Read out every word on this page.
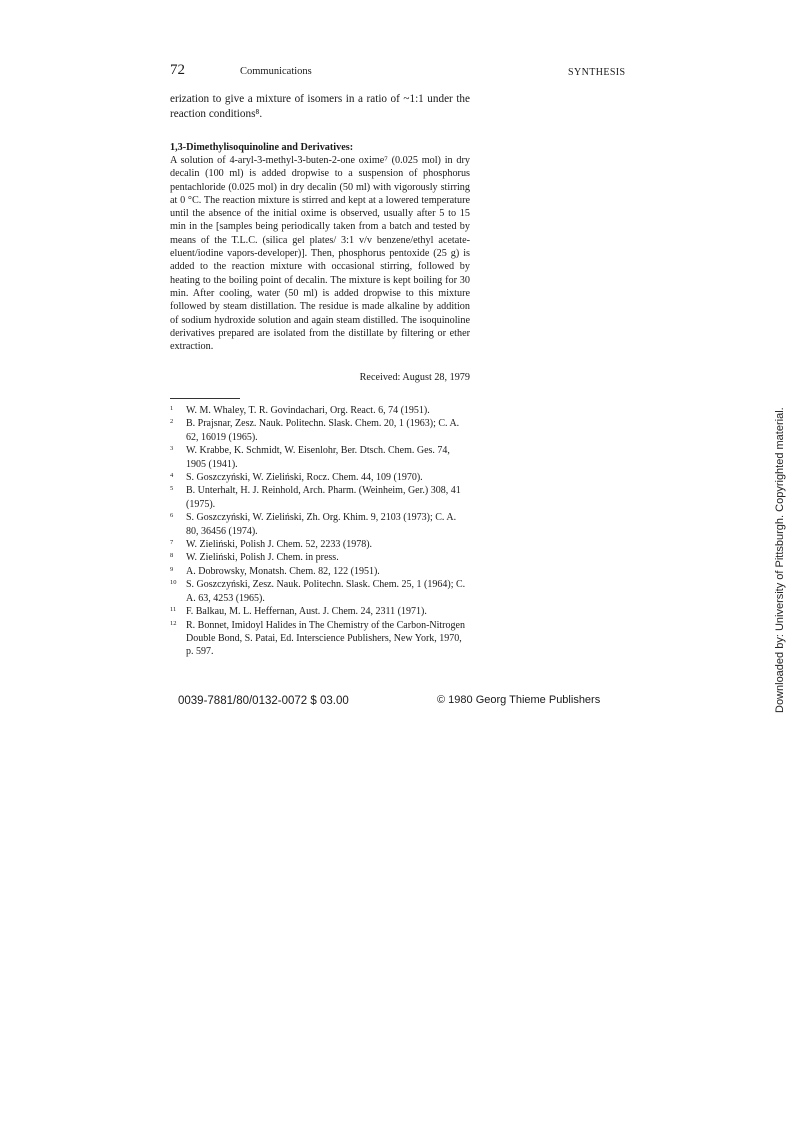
72	Communications	SYNTHESIS
erization to give a mixture of isomers in a ratio of ~1:1 under the reaction conditions⁸.
1,3-Dimethylisoquinoline and Derivatives:
A solution of 4-aryl-3-methyl-3-buten-2-one oxime⁷ (0.025 mol) in dry decalin (100 ml) is added dropwise to a suspension of phosphorus pentachloride (0.025 mol) in dry decalin (50 ml) with vigorously stirring at 0 °C. The reaction mixture is stirred and kept at a lowered temperature until the absence of the initial oxime is observed, usually after 5 to 15 min in the [samples being periodically taken from a batch and tested by means of the T.L.C. (silica gel plates/ 3:1 v/v benzene/ethyl acetate-eluent/iodine vapors-developer)]. Then, phosphorus pentoxide (25 g) is added to the reaction mixture with occasional stirring, followed by heating to the boiling point of decalin. The mixture is kept boiling for 30 min. After cooling, water (50 ml) is added dropwise to this mixture followed by steam distillation. The residue is made alkaline by addition of sodium hydroxide solution and again steam distilled. The isoquinoline derivatives prepared are isolated from the distillate by filtering or ether extraction.
Received: August 28, 1979
1 W. M. Whaley, T. R. Govindachari, Org. React. 6, 74 (1951).
2 B. Prajsnar, Zesz. Nauk. Politechn. Slask. Chem. 20, 1 (1963); C. A. 62, 16019 (1965).
3 W. Krabbe, K. Schmidt, W. Eisenlohr, Ber. Dtsch. Chem. Ges. 74, 1905 (1941).
4 S. Goszczyński, W. Zieliński, Rocz. Chem. 44, 109 (1970).
5 B. Unterhalt, H. J. Reinhold, Arch. Pharm. (Weinheim, Ger.) 308, 41 (1975).
6 S. Goszczyński, W. Zieliński, Zh. Org. Khim. 9, 2103 (1973); C. A. 80, 36456 (1974).
7 W. Zieliński, Polish J. Chem. 52, 2233 (1978).
8 W. Zieliński, Polish J. Chem. in press.
9 A. Dobrowsky, Monatsh. Chem. 82, 122 (1951).
10 S. Goszczyński, Zesz. Nauk. Politechn. Slask. Chem. 25, 1 (1964); C. A. 63, 4253 (1965).
11 F. Balkau, M. L. Heffernan, Aust. J. Chem. 24, 2311 (1971).
12 R. Bonnet, Imidoyl Halides in The Chemistry of the Carbon-Nitrogen Double Bond, S. Patai, Ed. Interscience Publishers, New York, 1970, p. 597.
0039-7881/80/0132-0072 $ 03.00	© 1980 Georg Thieme Publishers	Downloaded by: University of Pittsburgh. Copyrighted material.
